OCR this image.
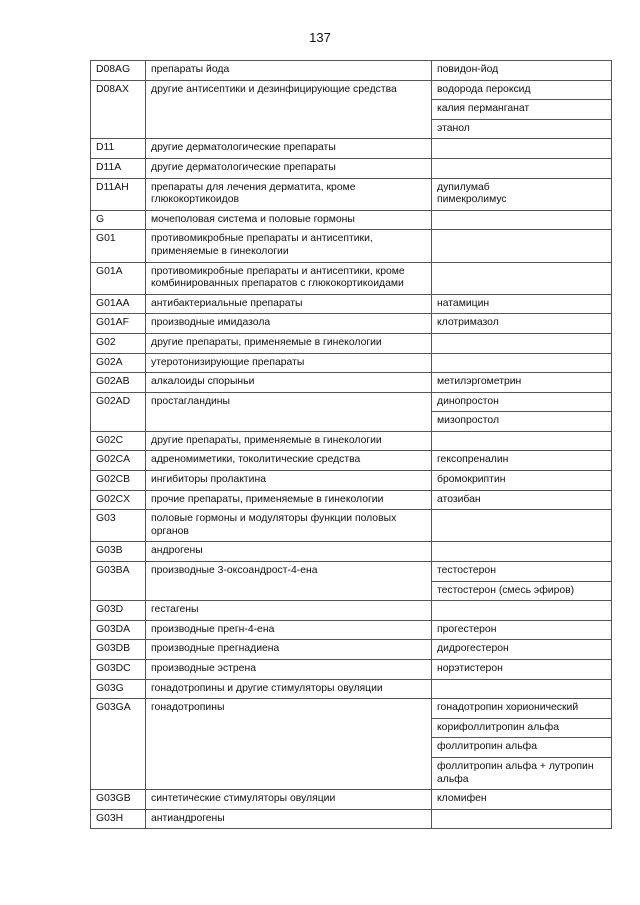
137
D08AG	препараты йода	повидон-йод
D08AX	другие антисептики и дезинфицирующие средства	водорода пероксид
		калия перманганат
		этанол
D11	другие дерматологические препараты	
D11A	другие дерматологические препараты	
D11AH	препараты для лечения дерматита, кроме глюкокортикоидов	дупилумаб
пимекролимус
G	мочеполовая система и половые гормоны	
G01	противомикробные препараты и антисептики, применяемые в гинекологии	
G01A	противомикробные препараты и антисептики, кроме комбинированных препаратов с глюкокортикоидами	
G01AA	антибактериальные препараты	натамицин
G01AF	производные имидазола	клотримазол
G02	другие препараты, применяемые в гинекологии	
G02A	утеротонизирующие препараты	
G02AB	алкалоиды спорыньи	метилэргометрин
G02AD	простагландины	динопростон
		мизопростол
G02C	другие препараты, применяемые в гинекологии	
G02CA	адреномиметики, токолитические средства	гексопреналин
G02CB	ингибиторы пролактина	бромокриптин
G02CX	прочие препараты, применяемые в гинекологии	атозибан
G03	половые гормоны и модуляторы функции половых органов	
G03B	андрогены	
G03BA	производные 3-оксоандрост-4-ена	тестостерон
		тестостерон (смесь эфиров)
G03D	гестагены	
G03DA	производные прегн-4-ена	прогестерон
G03DB	производные прегнадиена	дидрогестерон
G03DC	производные эстрена	норэтистерон
G03G	гонадотропины и другие стимуляторы овуляции	
G03GA	гонадотропины	гонадотропин хорионический
		корифоллитропин альфа
		фоллитропин альфа
		фоллитропин альфа + лутропин альфа
G03GB	синтетические стимуляторы овуляции	кломифен
G03H	антиандрогены	
